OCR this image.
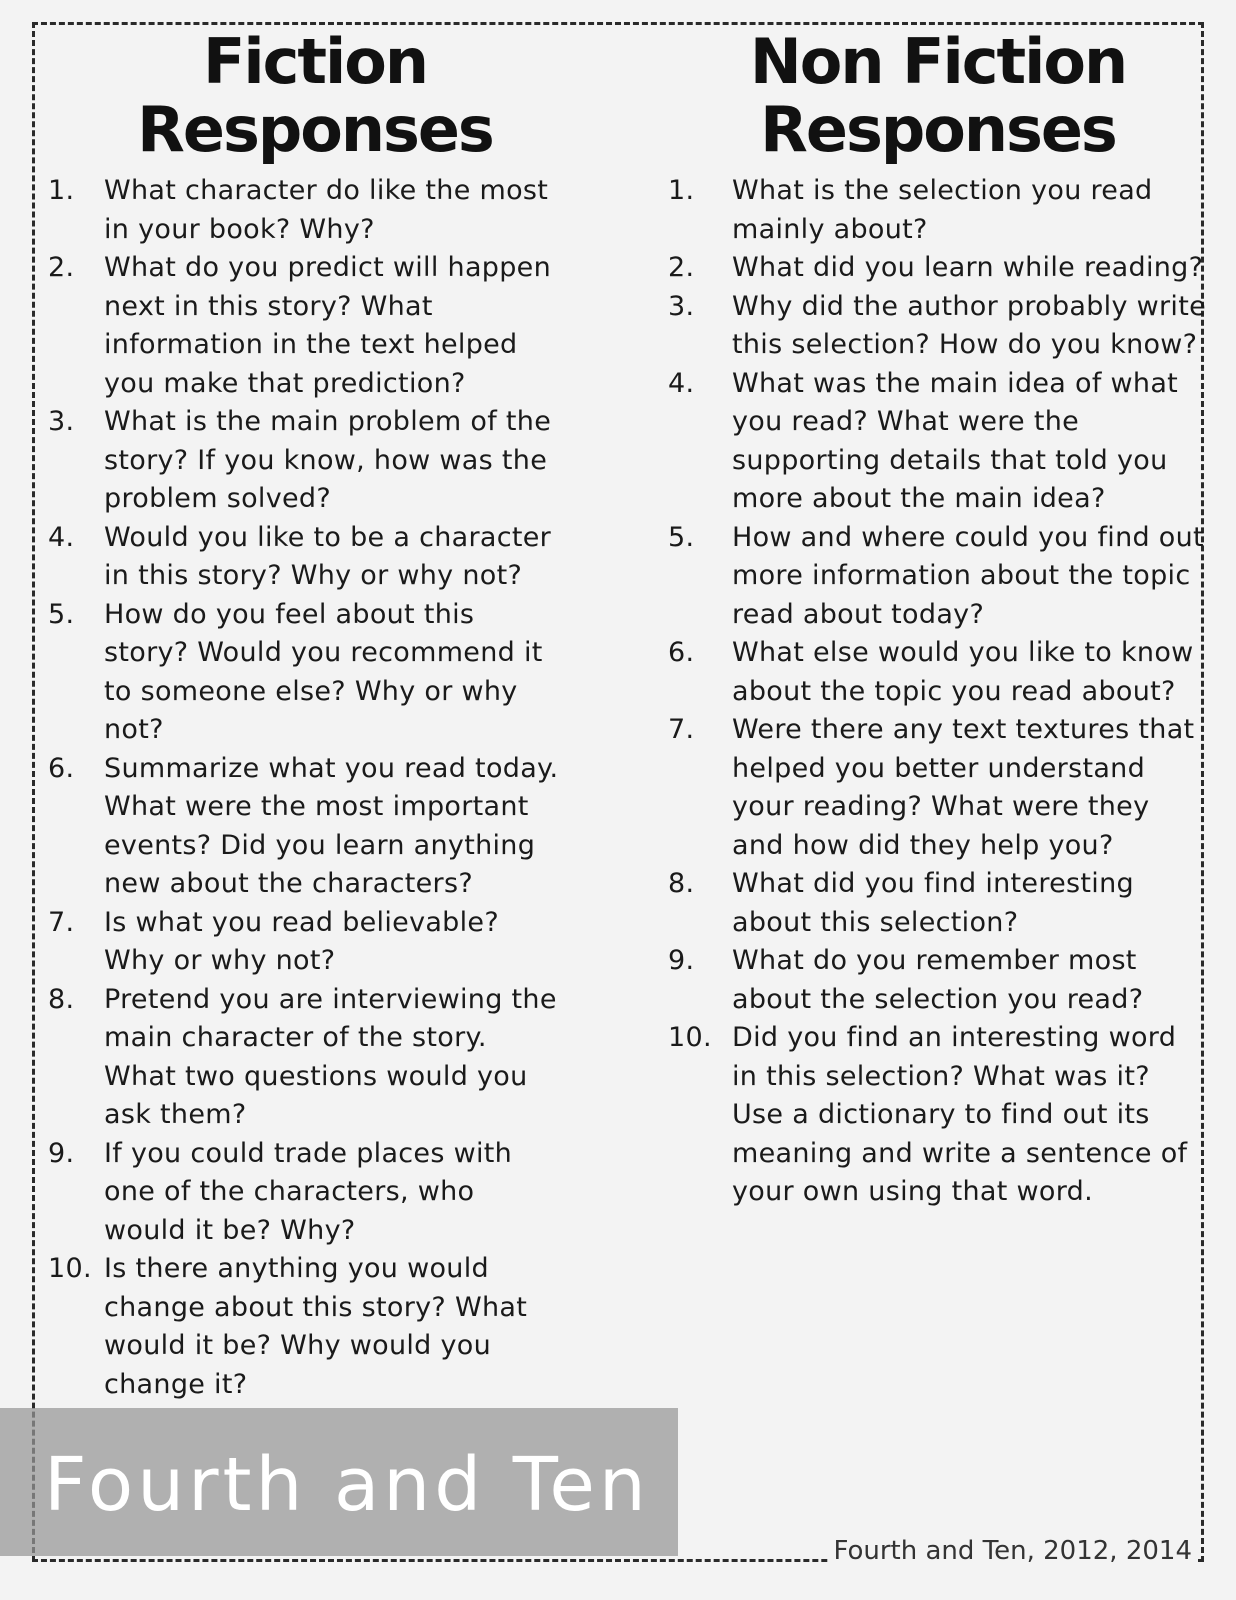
Fiction
Responses
1.	What character do like the most in your book? Why?
2.	What do you predict will happen next in this story? What information in the text helped you make that prediction?
3.	What is the main problem of the story? If you know, how was the problem solved?
4.	Would you like to be a character in this story? Why or why not?
5.	How do you feel about this story? Would you recommend it to someone else? Why or why not?
6.	Summarize what you read today. What were the most important events? Did you learn anything new about the characters?
7.	Is what you read believable? Why or why not?
8.	Pretend you are interviewing the main character of the story. What two questions would you ask them?
9.	If you could trade places with one of the characters, who would it be? Why?
10. Is there anything you would change about this story? What would it be? Why would you change it?
Non Fiction
Responses
1.	What is the selection you read mainly about?
2.	What did you learn while reading?
3.	Why did the author probably write this selection? How do you know?
4.	What was the main idea of what you read? What were the supporting details that told you more about the main idea?
5.	How and where could you find out more information about the topic read about today?
6.	What else would you like to know about the topic you read about?
7.	Were there any text textures that helped you better understand your reading? What were they and how did they help you?
8.	What did you find interesting about this selection?
9.	What do you remember most about the selection you read?
10. Did you find an interesting word in this selection? What was it? Use a dictionary to find out its meaning and write a sentence of your own using that word.
Fourth and Ten
Fourth and Ten, 2012, 2014
